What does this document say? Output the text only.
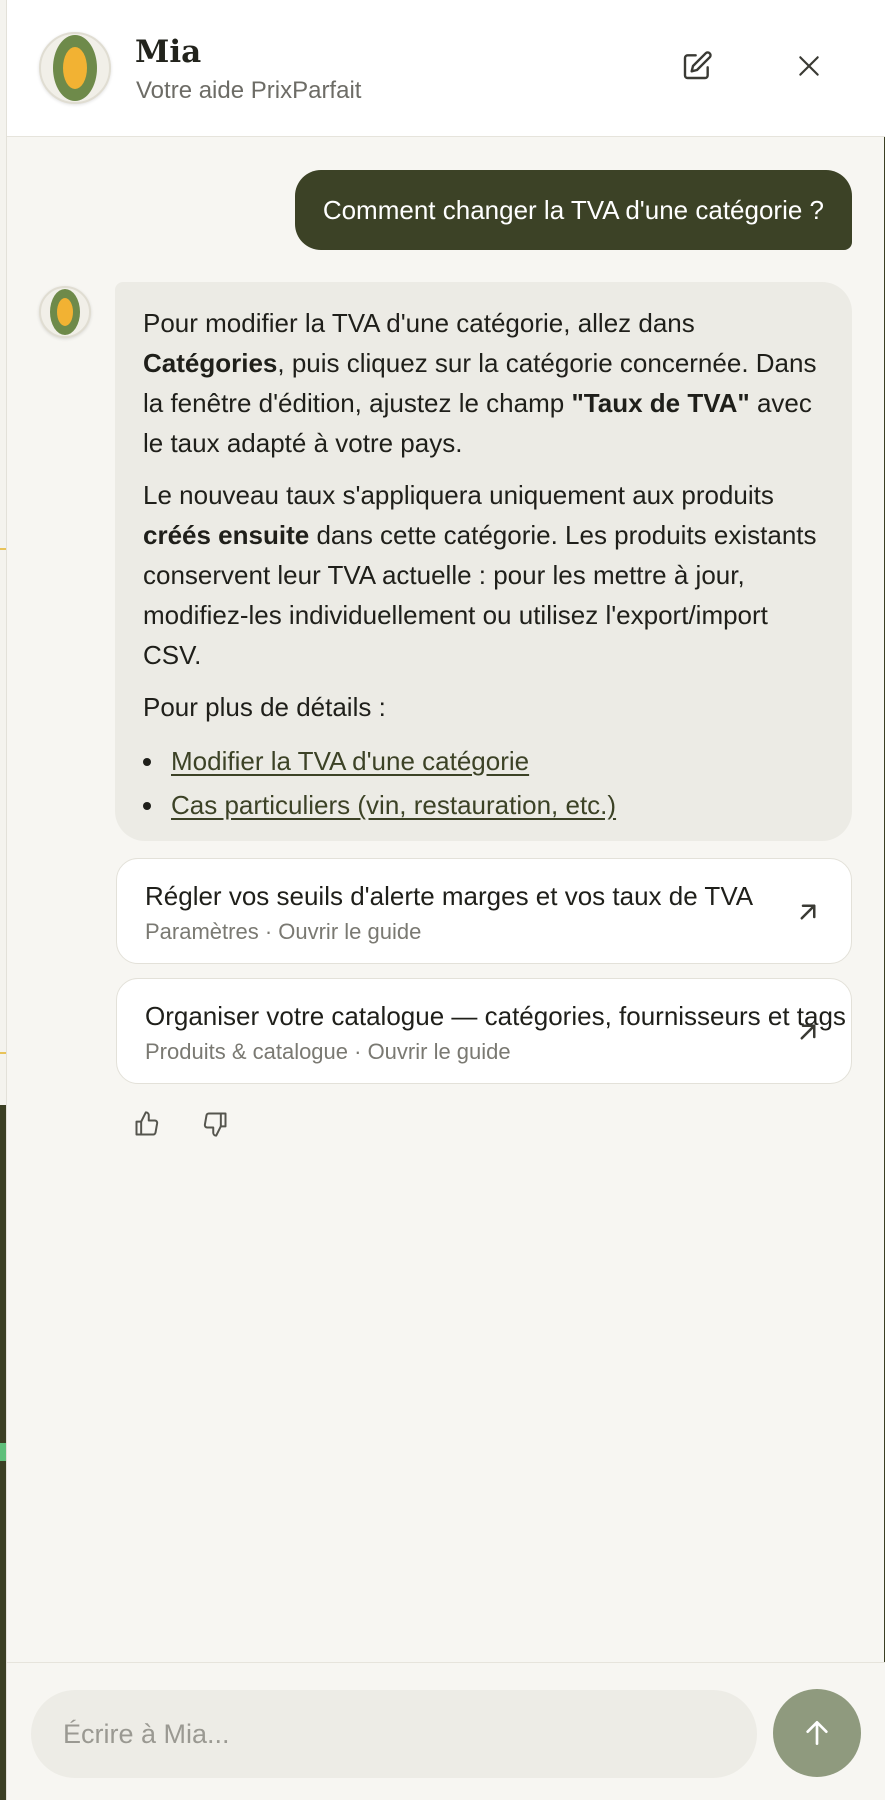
Mia
Votre aide PrixParfait
Comment changer la TVA d'une catégorie ?

Pour modifier la TVA d'une catégorie, allez dans Catégories, puis cliquez sur la catégorie concernée. Dans la fenêtre d'édition, ajustez le champ "Taux de TVA" avec le taux adapté à votre pays.

Le nouveau taux s'appliquera uniquement aux produits créés ensuite dans cette catégorie. Les produits existants conservent leur TVA actuelle : pour les mettre à jour, modifiez-les individuellement ou utilisez l'export/import CSV.

Pour plus de détails :

Modifier la TVA d'une catégorie
Cas particuliers (vin, restauration, etc.)
Régler vos seuils d'alerte marges et vos taux de TVA
Paramètres · Ouvrir le guide
Organiser votre catalogue — catégories, fournisseurs et tags
Produits & catalogue · Ouvrir le guide
Écrire à Mia...
